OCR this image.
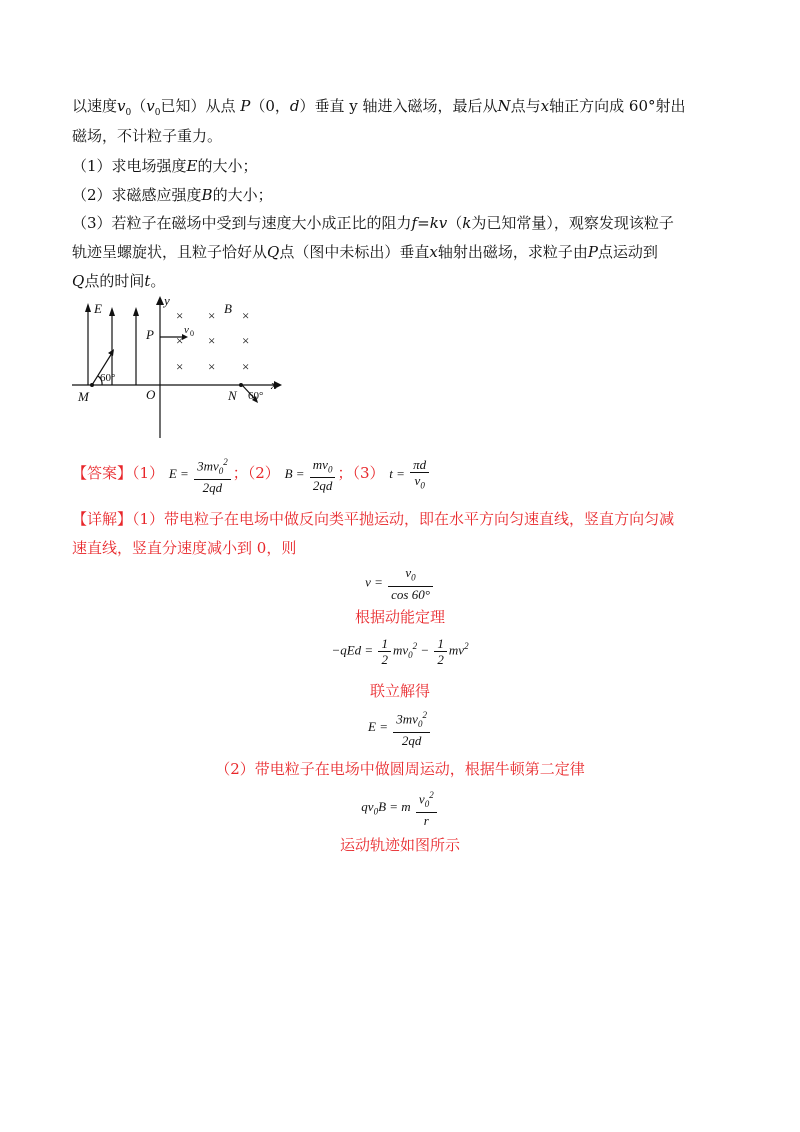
以速度$v_0(v_0$已知）从点 P（0，d）垂直 y 轴进入磁场，最后从N点与x轴正方向成 60°射出
磁场，不计粒子重力。
（1）求电场强度E的大小；
（2）求磁感应强度B的大小；
（3）若粒子在磁场中受到与速度大小成正比的阻力f=kv（k为已知常量），观察发现该粒子
轨迹呈螺旋状，且粒子恰好从Q点（图中未标出）垂直x轴射出磁场，求粒子由P点运动到
Q点的时间t。
E
y
B
P	v 0
O
M	N
x
60°
60°
× × ×
× × ×
× × ×
【答案】（1） $E = \frac{3mv_0^2}{2qd}$ ；（2） $B = \frac{mv_0}{2qd}$ ；（3） $t = \frac{\pi d}{v_0}$
【详解】（1）带电粒子在电场中做反向类平抛运动，即在水平方向匀速直线，竖直方向匀减
速直线，竖直分速度减小到 0，则
$v = \frac{v_0}{\cos 60^\circ}$
根据动能定理
$-qEd = \frac{1}{2} mv_0^2 - \frac{1}{2} mv^2$
联立解得
$E = \frac{3mv_0^2}{2qd}$
（2）带电粒子在电场中做圆周运动，根据牛顿第二定律
$qv_0B = m \frac{v_0^2}{r}$
运动轨迹如图所示
